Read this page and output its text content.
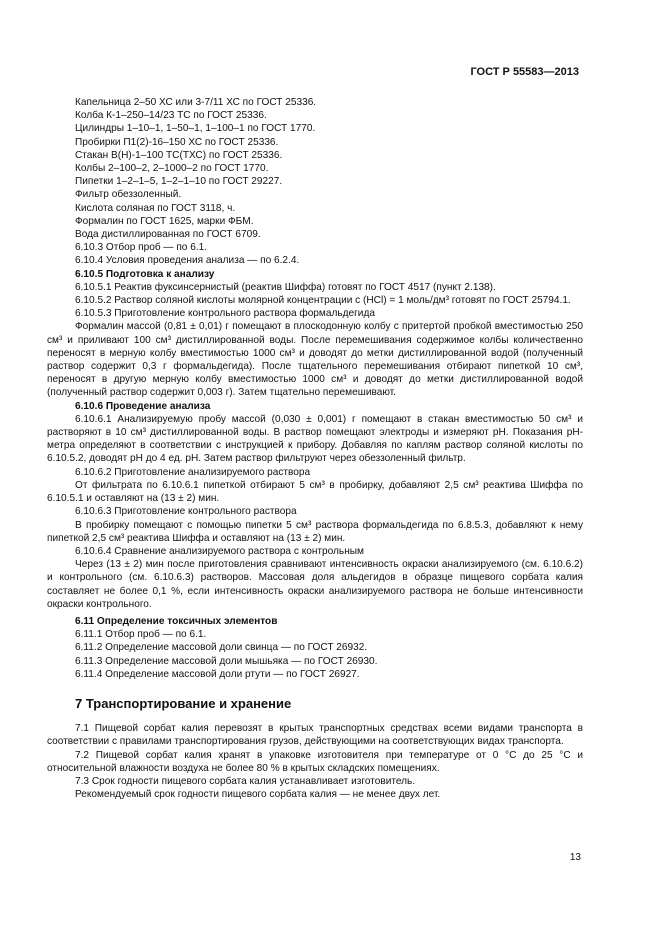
ГОСТ Р 55583—2013
Капельница 2–50 ХС или 3-7/11 ХС по ГОСТ 25336.
Колба К-1–250–14/23 ТС по ГОСТ 25336.
Цилиндры 1–10–1, 1–50–1, 1–100–1 по ГОСТ 1770.
Пробирки П1(2)-16–150 ХС по ГОСТ 25336.
Стакан В(Н)-1–100 ТС(ТХС) по ГОСТ 25336.
Колбы 2–100–2, 2–1000–2 по ГОСТ 1770.
Пипетки 1–2–1–5, 1–2–1–10 по ГОСТ 29227.
Фильтр обеззоленный.
Кислота соляная по ГОСТ 3118, ч.
Формалин по ГОСТ 1625, марки ФБМ.
Вода дистиллированная по ГОСТ 6709.
6.10.3 Отбор проб — по 6.1.
6.10.4 Условия проведения анализа — по 6.2.4.
6.10.5 Подготовка к анализу
6.10.5.1 Реактив фуксинсернистый (реактив Шиффа) готовят по ГОСТ 4517 (пункт 2.138).

6.10.5.2 Раствор соляной кислоты молярной концентрации c (HCl) = 1 моль/дм³ готовят по ГОСТ 25794.1.

6.10.5.3 Приготовление контрольного раствора формальдегида

Формалин массой (0,81 ± 0,01) г помещают в плоскодонную колбу с притертой пробкой вместимостью 250 см³ и приливают 100 см³ дистиллированной воды. После перемешивания содержимое колбы количественно переносят в мерную колбу вместимостью 1000 см³ и доводят до метки дистиллированной водой (полученный раствор содержит 0,3 г формальдегида). После тщательного перемешивания отбирают пипеткой 10 см³, переносят в другую мерную колбу вместимостью 1000 см³ и доводят до метки дистиллированной водой (полученный раствор содержит 0,003 г). Затем тщательно перемешивают.

6.10.6 Проведение анализа

6.10.6.1 Анализируемую пробу массой (0,030 ± 0,001) г помещают в стакан вместимостью 50 см³ и растворяют в 10 см³ дистиллированной воды. В раствор помещают электроды и измеряют pH. Показания pH-метра определяют в соответствии с инструкцией к прибору. Добавляя по каплям раствор соляной кислоты по 6.10.5.2, доводят pH до 4 ед. pH. Затем раствор фильтруют через обеззоленный фильтр.

6.10.6.2 Приготовление анализируемого раствора

От фильтрата по 6.10.6.1 пипеткой отбирают 5 см³ в пробирку, добавляют 2,5 см³ реактива Шиффа по 6.10.5.1 и оставляют на (13 ± 2) мин.

6.10.6.3 Приготовление контрольного раствора

В пробирку помещают с помощью пипетки 5 см³ раствора формальдегида по 6.8.5.3, добавляют к нему пипеткой 2,5 см³ реактива Шиффа и оставляют на (13 ± 2) мин.

6.10.6.4 Сравнение анализируемого раствора с контрольным

Через (13 ± 2) мин после приготовления сравнивают интенсивность окраски анализируемого (см. 6.10.6.2) и контрольного (см. 6.10.6.3) растворов. Массовая доля альдегидов в образце пищевого сорбата калия составляет не более 0,1 %, если интенсивность окраски анализируемого раствора не больше интенсивности окраски контрольного.

6.11 Определение токсичных элементов
6.11.1 Отбор проб — по 6.1.
6.11.2 Определение массовой доли свинца — по ГОСТ 26932.
6.11.3 Определение массовой доли мышьяка — по ГОСТ 26930.
6.11.4 Определение массовой доли ртути — по ГОСТ 26927.
7 Транспортирование и хранение

7.1 Пищевой сорбат калия перевозят в крытых транспортных средствах всеми видами транспорта в соответствии с правилами транспортирования грузов, действующими на соответствующих видах транспорта.

7.2 Пищевой сорбат калия хранят в упаковке изготовителя при температуре от 0 °С до 25 °С и относительной влажности воздуха не более 80 % в крытых складских помещениях.

7.3 Срок годности пищевого сорбата калия устанавливает изготовитель.
Рекомендуемый срок годности пищевого сорбата калия — не менее двух лет.
13
